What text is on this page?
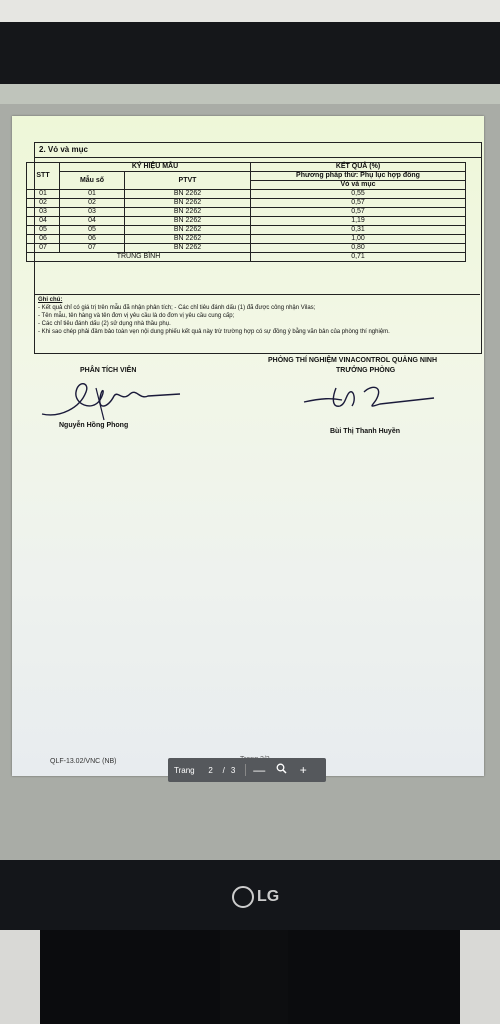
2. Vỏ và mục
STT	KÝ HIỆU MẪU		KẾT QUẢ (%)
	Mẫu số	PTVT	Phương pháp thử: Phụ lục hợp đồng
			Vỏ và mục
01	01	BN 2262	0,55
02	02	BN 2262	0,57
03	03	BN 2262	0,57
04	04	BN 2262	1,19
05	05	BN 2262	0,31
06	06	BN 2262	1,00
07	07	BN 2262	0,80
TRUNG BÌNH			0,71
Ghi chú:
- Kết quả chỉ có giá trị trên mẫu đã nhận phân tích; - Các chỉ tiêu đánh dấu (1) đã được công nhận Vilas;
- Tên mẫu, tên hàng và tên đơn vị yêu cầu là do đơn vị yêu cầu cung cấp;
- Các chỉ tiêu đánh dấu (2) sử dụng nhà thầu phụ.
- Khi sao chép phải đảm bảo toàn vẹn nội dung phiếu kết quả này trừ trường hợp có sự đồng ý bằng văn bản của phòng thí nghiệm.
PHÒNG THÍ NGHIỆM VINACONTROL QUẢNG NINH
TRƯỞNG PHÒNG
PHÂN TÍCH VIÊN
Nguyễn Hồng Phong
Bùi Thị Thanh Huyền
QLF-13.02/VNC (NB)
Trang	2	/ 3 —	+
LG
